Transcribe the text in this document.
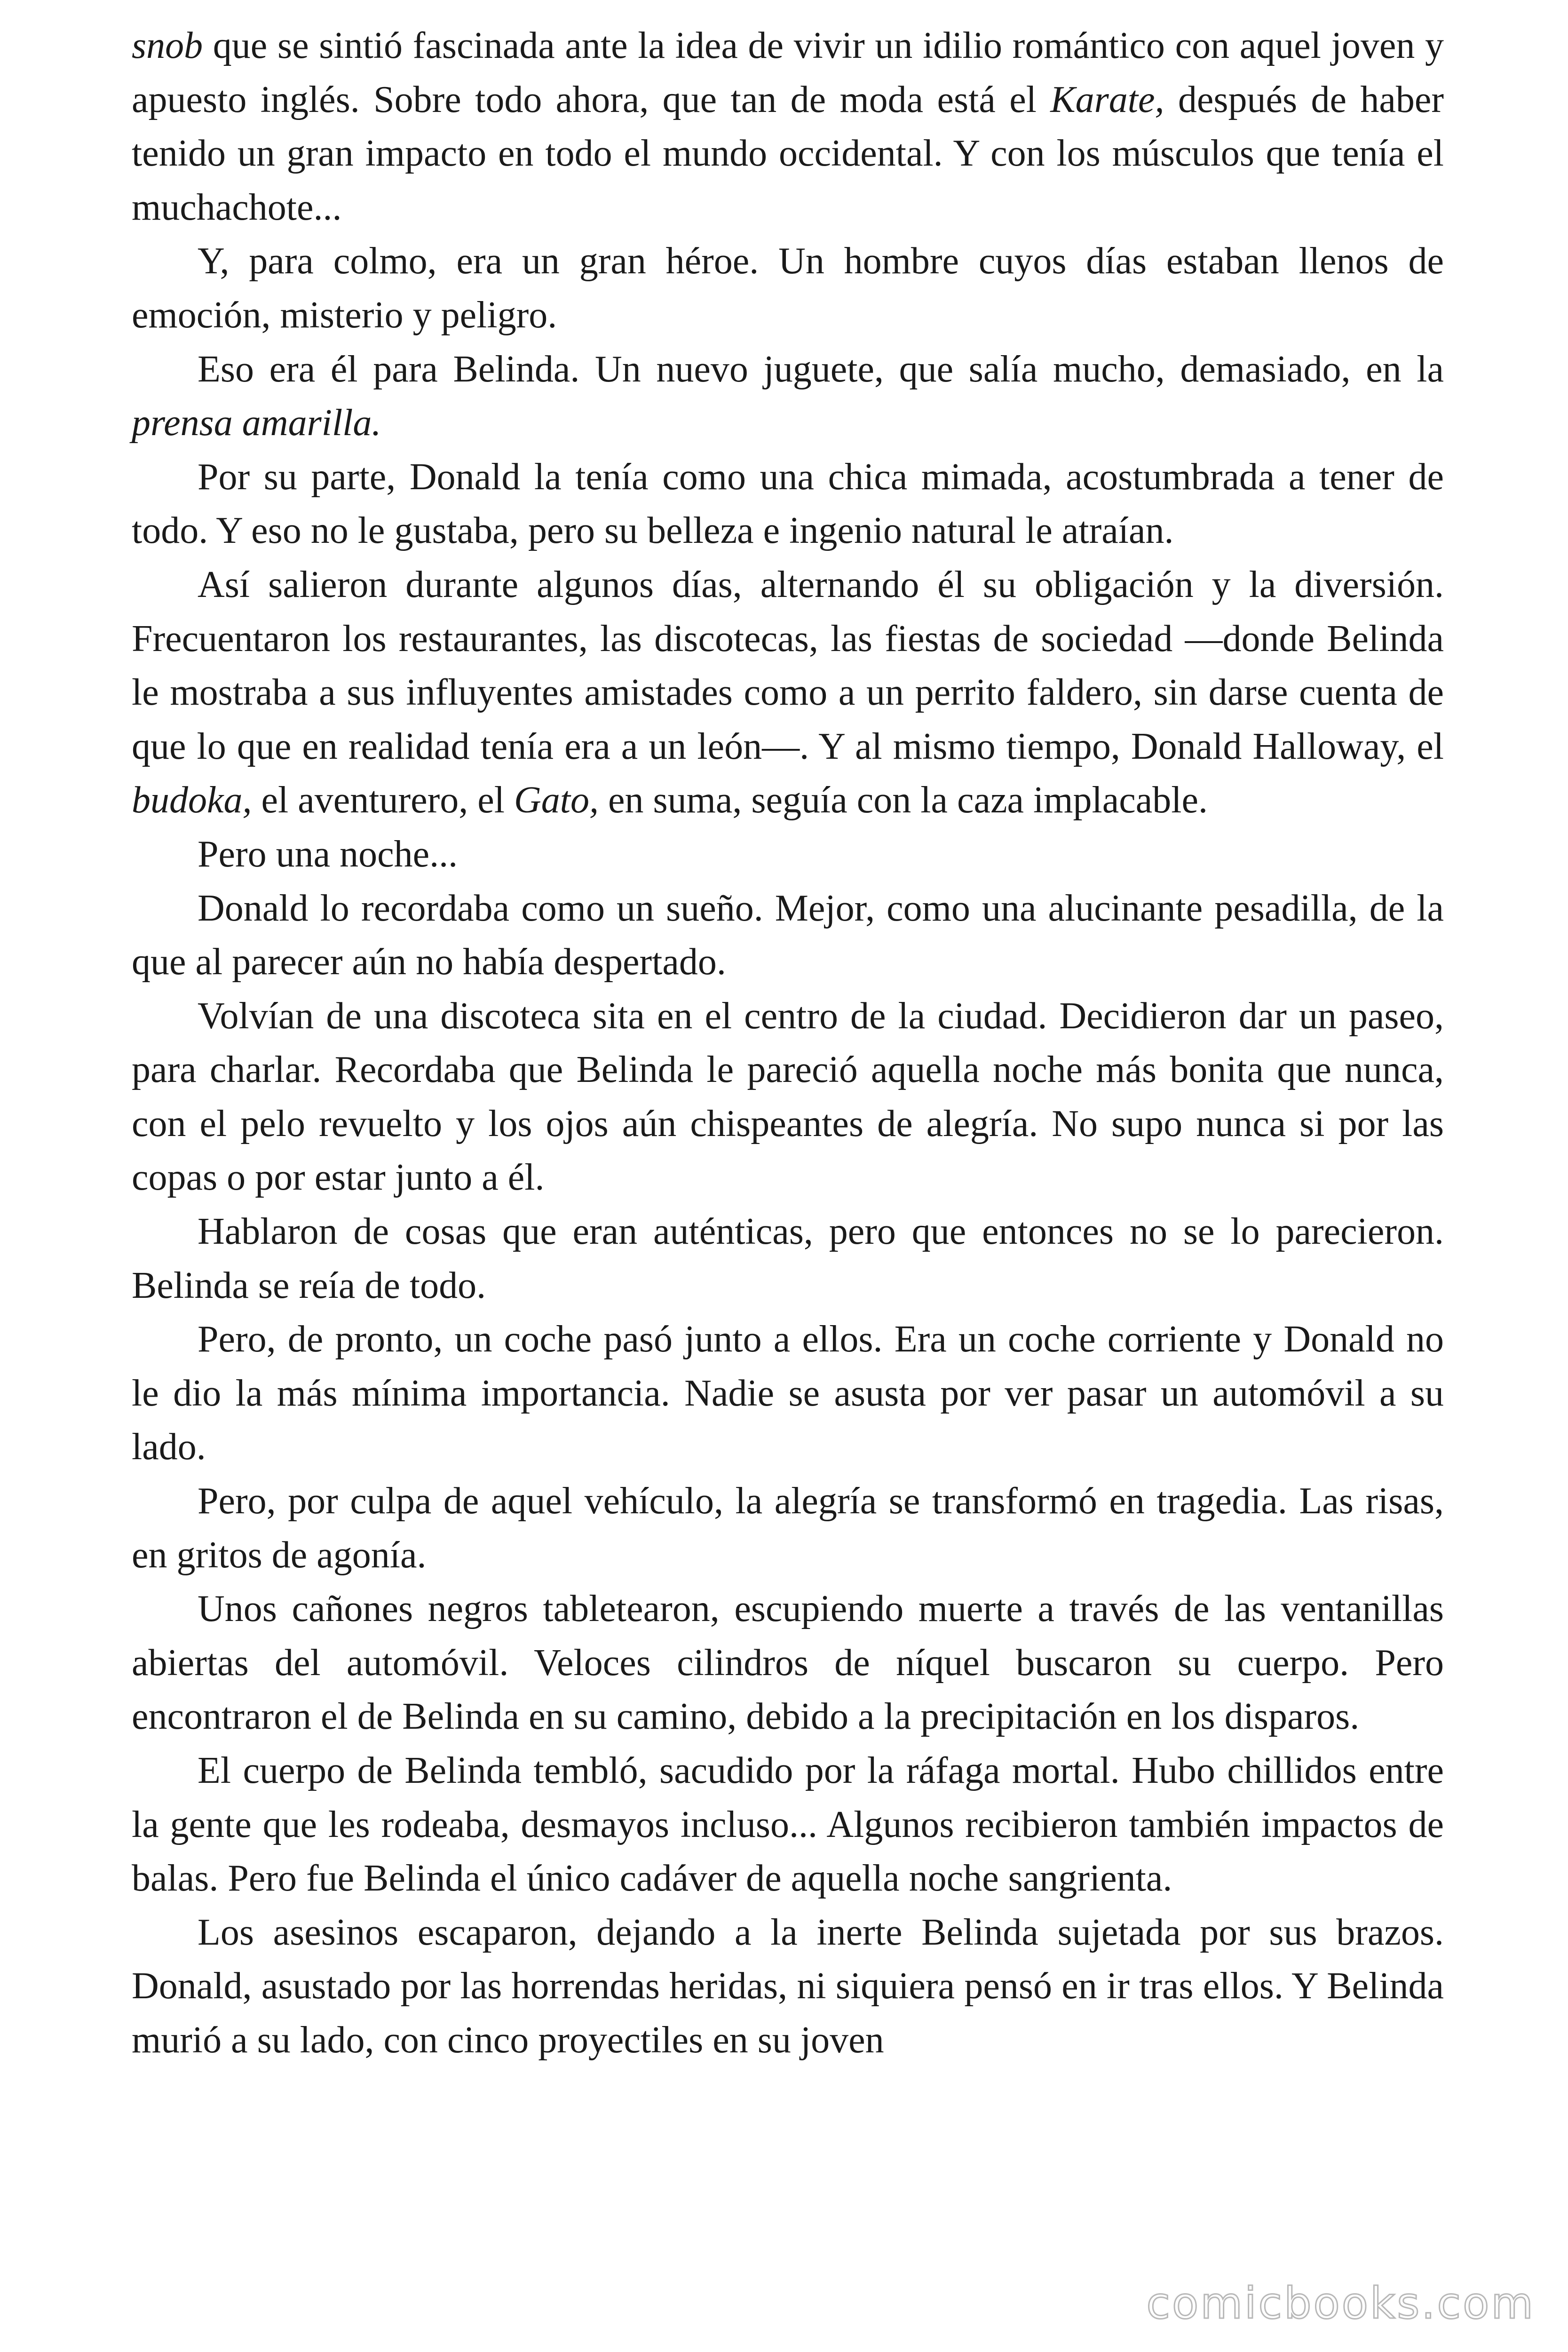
snob que se sintió fascinada ante la idea de vivir un idilio romántico con aquel joven y apuesto inglés. Sobre todo ahora, que tan de moda está el Karate, después de haber tenido un gran impacto en todo el mundo occidental. Y con los músculos que tenía el muchachote...

Y, para colmo, era un gran héroe. Un hombre cuyos días estaban llenos de emoción, misterio y peligro.

Eso era él para Belinda. Un nuevo juguete, que salía mucho, demasiado, en la prensa amarilla.

Por su parte, Donald la tenía como una chica mimada, acostumbrada a tener de todo. Y eso no le gustaba, pero su belleza e ingenio natural le atraían.

Así salieron durante algunos días, alternando él su obligación y la diversión. Frecuentaron los restaurantes, las discotecas, las fiestas de sociedad —donde Belinda le mostraba a sus influyentes amistades como a un perrito faldero, sin darse cuenta de que lo que en realidad tenía era a un león—. Y al mismo tiempo, Donald Halloway, el budoka, el aventurero, el Gato, en suma, seguía con la caza implacable.

Pero una noche...

Donald lo recordaba como un sueño. Mejor, como una alucinante pesadilla, de la que al parecer aún no había despertado.

Volvían de una discoteca sita en el centro de la ciudad. Decidieron dar un paseo, para charlar. Recordaba que Belinda le pareció aquella noche más bonita que nunca, con el pelo revuelto y los ojos aún chispeantes de alegría. No supo nunca si por las copas o por estar junto a él.

Hablaron de cosas que eran auténticas, pero que entonces no se lo parecieron. Belinda se reía de todo.

Pero, de pronto, un coche pasó junto a ellos. Era un coche corriente y Donald no le dio la más mínima importancia. Nadie se asusta por ver pasar un automóvil a su lado.

Pero, por culpa de aquel vehículo, la alegría se transformó en tragedia. Las risas, en gritos de agonía.

Unos cañones negros tabletearon, escupiendo muerte a través de las ventanillas abiertas del automóvil. Veloces cilindros de níquel buscaron su cuerpo. Pero encontraron el de Belinda en su camino, debido a la precipitación en los disparos.

El cuerpo de Belinda tembló, sacudido por la ráfaga mortal. Hubo chillidos entre la gente que les rodeaba, desmayos incluso... Algunos recibieron también impactos de balas. Pero fue Belinda el único cadáver de aquella noche sangrienta.

Los asesinos escaparon, dejando a la inerte Belinda sujetada por sus brazos. Donald, asustado por las horrendas heridas, ni siquiera pensó en ir tras ellos. Y Belinda murió a su lado, con cinco proyectiles en su joven

comicbooks.com
